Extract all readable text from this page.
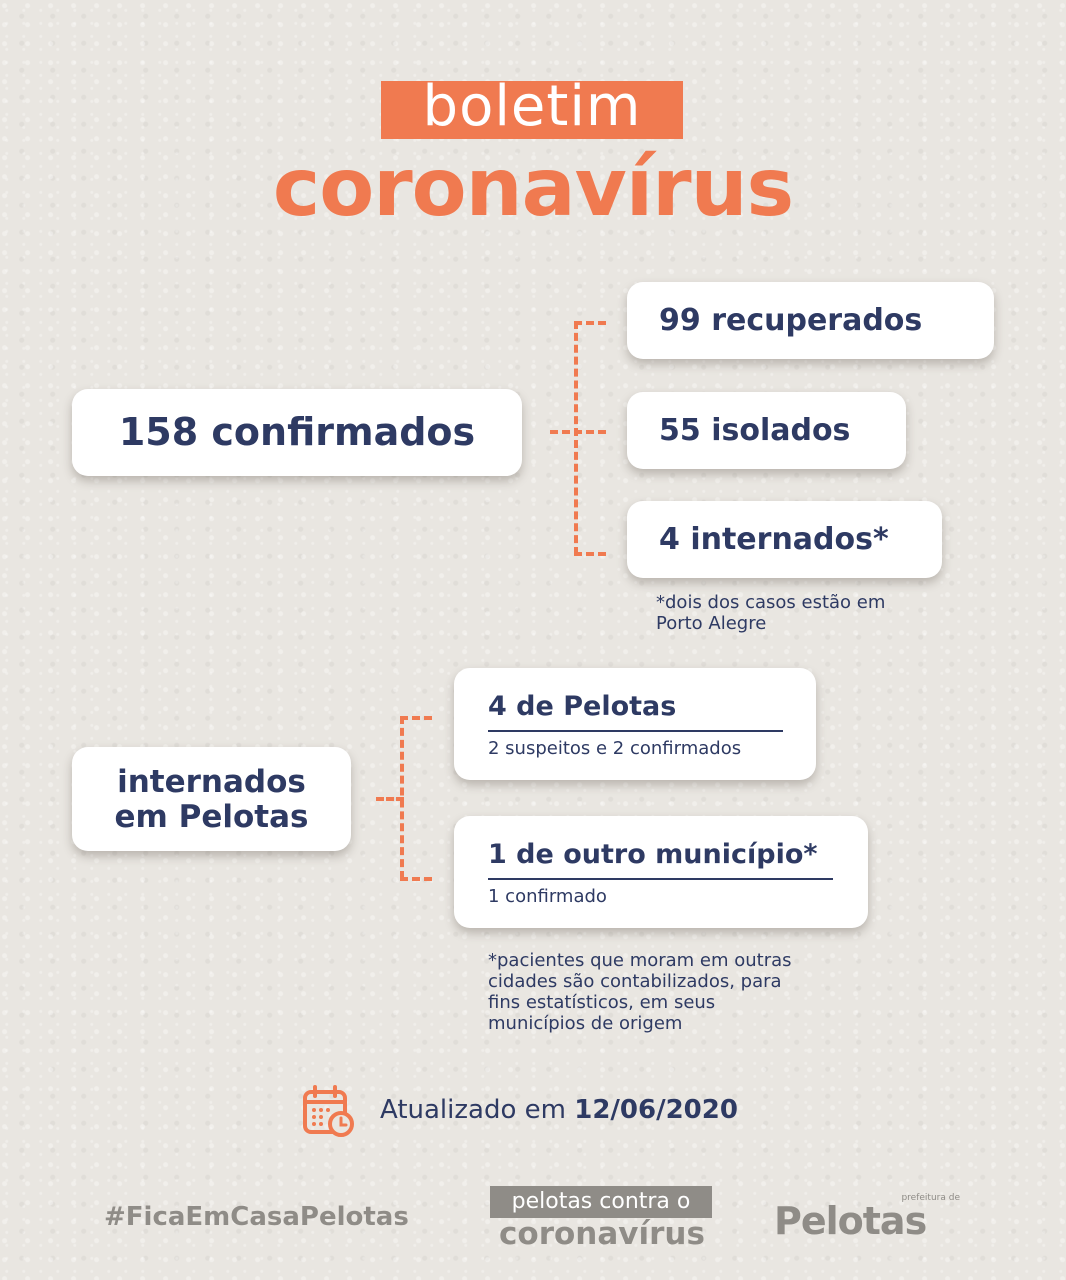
boletim
coronavírus
158 confirmados
99 recuperados
55 isolados
4 internados*
*dois dos casos estão em
Porto Alegre
internados
em Pelotas
4 de Pelotas
2 suspeitos e 2 confirmados
1 de outro município*
1 confirmado
*pacientes que moram em outras
cidades são contabilizados, para
fins estatísticos, em seus
municípios de origem
Atualizado em 12/06/2020
#FicaEmCasaPelotas
pelotas contra o
coronavírus
prefeitura de
Pelotas
